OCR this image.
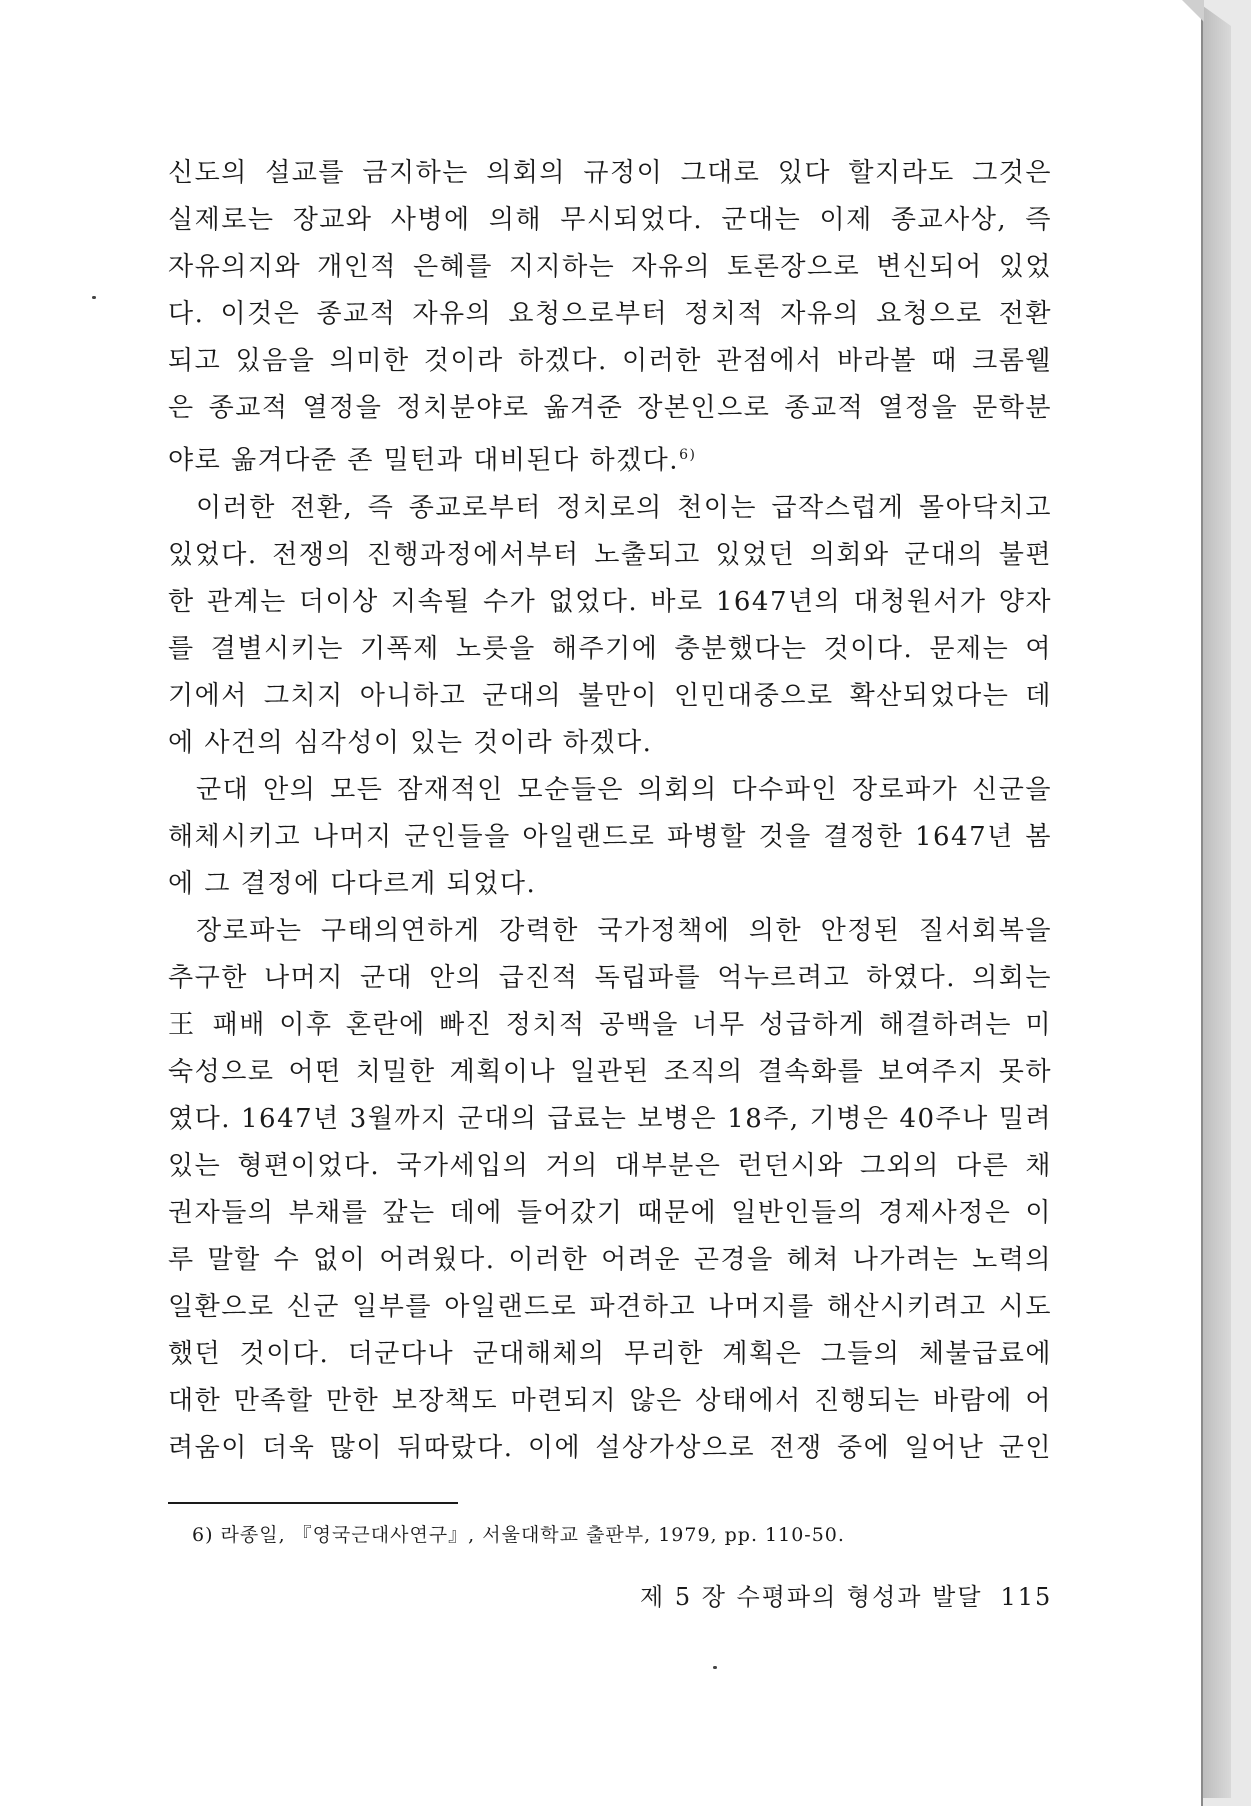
신도의 설교를 금지하는 의회의 규정이 그대로 있다 할지라도 그것은
실제로는 장교와 사병에 의해 무시되었다. 군대는 이제 종교사상, 즉
자유의지와 개인적 은혜를 지지하는 자유의 토론장으로 변신되어 있었
다. 이것은 종교적 자유의 요청으로부터 정치적 자유의 요청으로 전환
되고 있음을 의미한 것이라 하겠다. 이러한 관점에서 바라볼 때 크롬웰
은 종교적 열정을 정치분야로 옮겨준 장본인으로 종교적 열정을 문학분
야로 옮겨다준 존 밀턴과 대비된다 하겠다.$^{6)}$

이러한 전환, 즉 종교로부터 정치로의 천이는 급작스럽게 몰아닥치고
있었다. 전쟁의 진행과정에서부터 노출되고 있었던 의회와 군대의 불편
한 관계는 더이상 지속될 수가 없었다. 바로 1647년의 대청원서가 양자
를 결별시키는 기폭제 노릇을 해주기에 충분했다는 것이다. 문제는 여
기에서 그치지 아니하고 군대의 불만이 인민대중으로 확산되었다는 데
에 사건의 심각성이 있는 것이라 하겠다.

군대 안의 모든 잠재적인 모순들은 의회의 다수파인 장로파가 신군을
해체시키고 나머지 군인들을 아일랜드로 파병할 것을 결정한 1647년 봄
에 그 결정에 다다르게 되었다.

장로파는 구태의연하게 강력한 국가정책에 의한 안정된 질서회복을
추구한 나머지 군대 안의 급진적 독립파를 억누르려고 하였다. 의회는
王 패배 이후 혼란에 빠진 정치적 공백을 너무 성급하게 해결하려는 미
숙성으로 어떤 치밀한 계획이나 일관된 조직의 결속화를 보여주지 못하
였다. 1647년 3월까지 군대의 급료는 보병은 18주, 기병은 40주나 밀려
있는 형편이었다. 국가세입의 거의 대부분은 런던시와 그외의 다른 채
권자들의 부채를 갚는 데에 들어갔기 때문에 일반인들의 경제사정은 이
루 말할 수 없이 어려웠다. 이러한 어려운 곤경을 헤쳐 나가려는 노력의
일환으로 신군 일부를 아일랜드로 파견하고 나머지를 해산시키려고 시도
했던 것이다. 더군다나 군대해체의 무리한 계획은 그들의 체불급료에
대한 만족할 만한 보장책도 마련되지 않은 상태에서 진행되는 바람에 어
려움이 더욱 많이 뒤따랐다. 이에 설상가상으로 전쟁 중에 일어난 군인

6) 라종일, 『영국근대사연구』, 서울대학교 출판부, 1979, pp. 110-50.
제 5 장 수평파의 형성과 발달 115
